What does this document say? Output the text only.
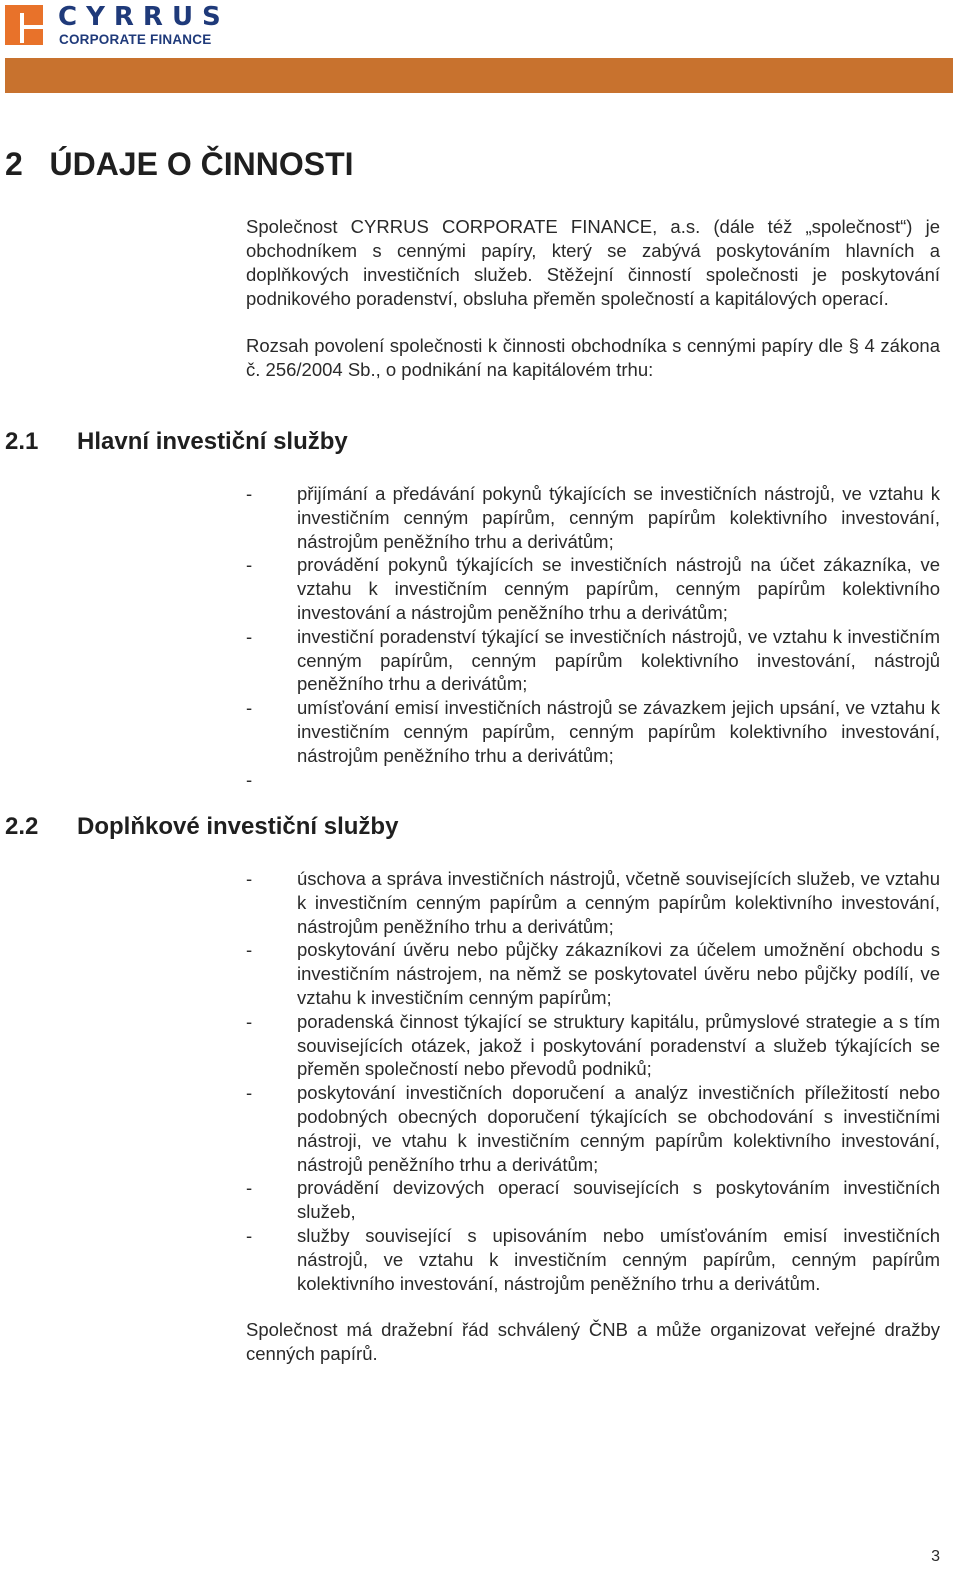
CYRRUS
CORPORATE FINANCE
2 ÚDAJE O ČINNOSTI
Společnost CYRRUS CORPORATE FINANCE, a.s. (dále též „společnost“) je obchodníkem s cennými papíry, který se zabývá poskytováním hlavních a doplňkových investičních služeb. Stěžejní činností společnosti je poskytování podnikového poradenství, obsluha přeměn společností a kapitálových operací.
Rozsah povolení společnosti k činnosti obchodníka s cennými papíry dle § 4 zákona č. 256/2004 Sb., o podnikání na kapitálovém trhu:
2.1 Hlavní investiční služby
- přijímání a předávání pokynů týkajících se investičních nástrojů, ve vztahu k investičním cenným papírům, cenným papírům kolektivního investování, nástrojům peněžního trhu a derivátům;
- provádění pokynů týkajících se investičních nástrojů na účet zákazníka, ve vztahu k investičním cenným papírům, cenným papírům kolektivního investování a nástrojům peněžního trhu a derivátům;
- investiční poradenství týkající se investičních nástrojů, ve vztahu k investičním cenným papírům, cenným papírům kolektivního investování, nástrojů peněžního trhu a derivátům;
- umísťování emisí investičních nástrojů se závazkem jejich upsání, ve vztahu k investičním cenným papírům, cenným papírům kolektivního investování, nástrojům peněžního trhu a derivátům;
-

2.2 Doplňkové investiční služby
- úschova a správa investičních nástrojů, včetně souvisejících služeb, ve vztahu k investičním cenným papírům a cenným papírům kolektivního investování, nástrojům peněžního trhu a derivátům;
- poskytování úvěru nebo půjčky zákazníkovi za účelem umožnění obchodu s investičním nástrojem, na němž se poskytovatel úvěru nebo půjčky podílí, ve vztahu k investičním cenným papírům;
- poradenská činnost týkající se struktury kapitálu, průmyslové strategie a s tím souvisejících otázek, jakož i poskytování poradenství a služeb týkajících se přeměn společností nebo převodů podniků;
- poskytování investičních doporučení a analýz investičních příležitostí nebo podobných obecných doporučení týkajících se obchodování s investičními nástroji, ve vtahu k investičním cenným papírům kolektivního investování, nástrojů peněžního trhu a derivátům;
- provádění devizových operací souvisejících s poskytováním investičních služeb,
- služby související s upisováním nebo umísťováním emisí investičních nástrojů, ve vztahu k investičním cenným papírům, cenným papírům kolektivního investování, nástrojům peněžního trhu a derivátům.
Společnost má dražební řád schválený ČNB a může organizovat veřejné dražby cenných papírů.
3
